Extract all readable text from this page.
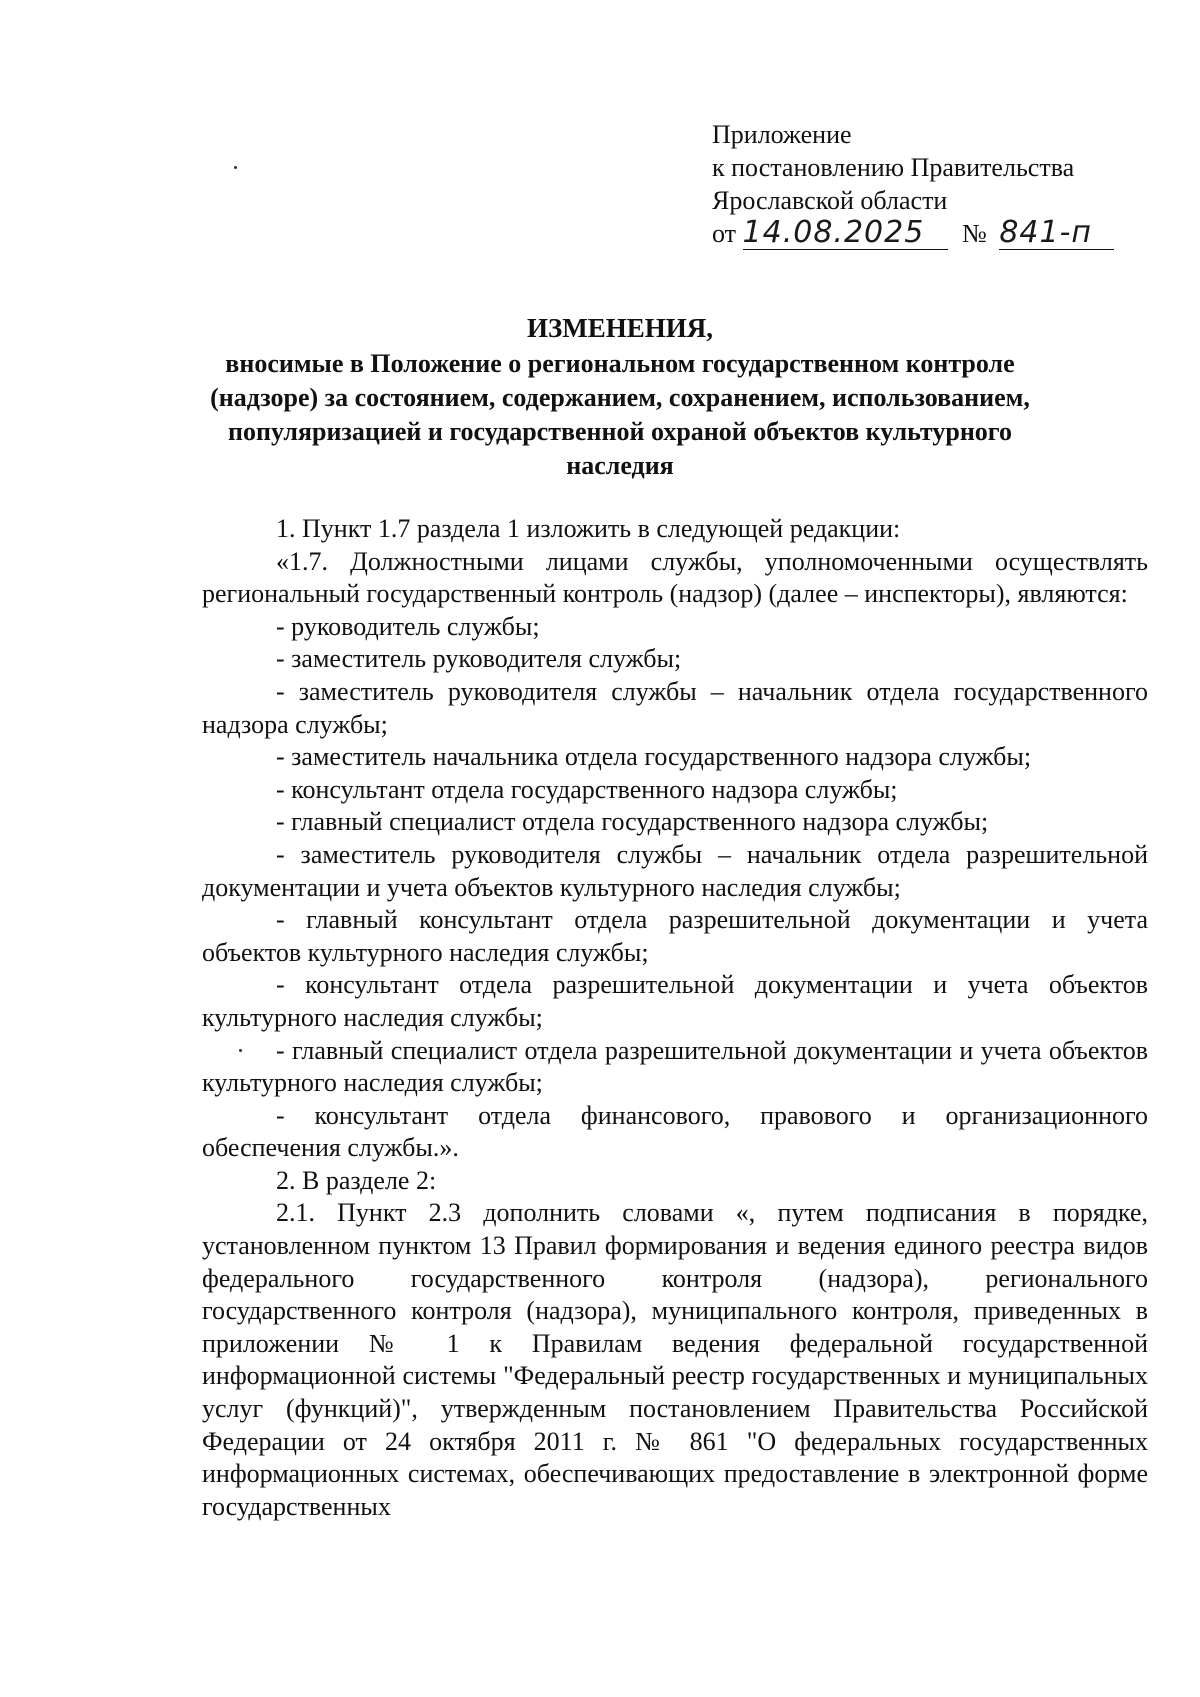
Приложение
к постановлению Правительства
Ярославской области
от 14.08.2025 № 841-п
ИЗМЕНЕНИЯ,
вносимые в Положение о региональном государственном контроле
(надзоре) за состоянием, содержанием, сохранением, использованием,
популяризацией и государственной охраной объектов культурного
наследия

1. Пункт 1.7 раздела 1 изложить в следующей редакции:

«1.7. Должностными лицами службы, уполномоченными осуществлять региональный государственный контроль (надзор) (далее – инспекторы), являются:

- руководитель службы;

- заместитель руководителя службы;

- заместитель руководителя службы – начальник отдела государственного надзора службы;

- заместитель начальника отдела государственного надзора службы;

- консультант отдела государственного надзора службы;

- главный специалист отдела государственного надзора службы;

- заместитель руководителя службы – начальник отдела разрешительной документации и учета объектов культурного наследия службы;

- главный консультант отдела разрешительной документации и учета объектов культурного наследия службы;

- консультант отдела разрешительной документации и учета объектов культурного наследия службы;

- главный специалист отдела разрешительной документации и учета объектов культурного наследия службы;

- консультант отдела финансового, правового и организационного обеспечения службы.».

2. В разделе 2:

2.1. Пункт 2.3 дополнить словами «, путем подписания в порядке, установленном пунктом 13 Правил формирования и ведения единого реестра видов федерального государственного контроля (надзора), регионального государственного контроля (надзора), муниципального контроля, приведенных в приложении № 1 к Правилам ведения федеральной государственной информационной системы "Федеральный реестр государственных и муниципальных услуг (функций)", утвержденным постановлением Правительства Российской Федерации от 24 октября 2011 г. № 861 "О федеральных государственных информационных системах, обеспечивающих предоставление в электронной форме государственных
